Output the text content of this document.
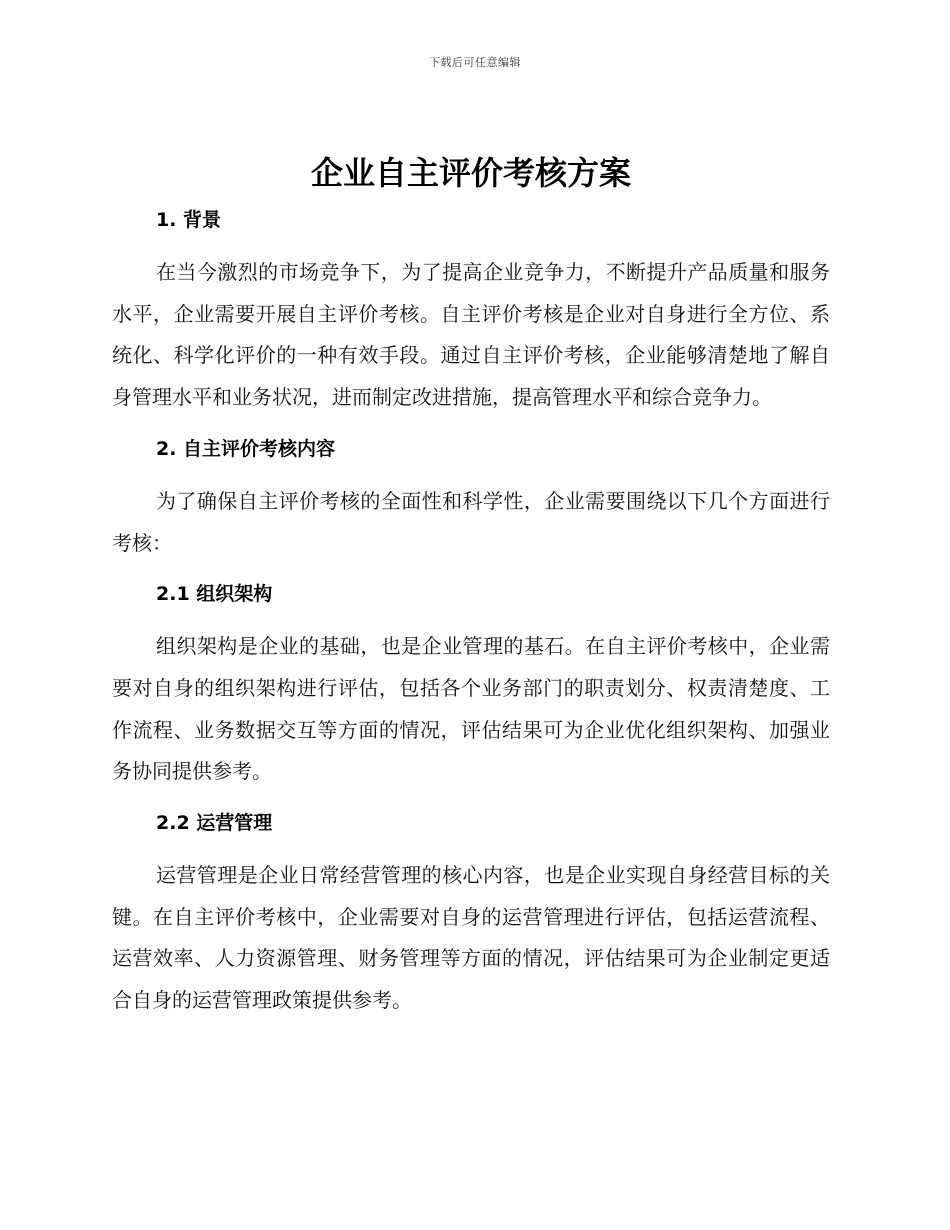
下载后可任意编辑

企业自主评价考核方案
1. 背景

在当今激烈的市场竞争下，为了提高企业竞争力，不断提升产品质量和服务水平，企业需要开展自主评价考核。自主评价考核是企业对自身进行全方位、系统化、科学化评价的一种有效手段。通过自主评价考核，企业能够清楚地了解自身管理水平和业务状况，进而制定改进措施，提高管理水平和综合竞争力。

2. 自主评价考核内容

为了确保自主评价考核的全面性和科学性，企业需要围绕以下几个方面进行考核：

2.1 组织架构

组织架构是企业的基础，也是企业管理的基石。在自主评价考核中，企业需要对自身的组织架构进行评估，包括各个业务部门的职责划分、权责清楚度、工作流程、业务数据交互等方面的情况，评估结果可为企业优化组织架构、加强业务协同提供参考。

2.2 运营管理

运营管理是企业日常经营管理的核心内容，也是企业实现自身经营目标的关键。在自主评价考核中，企业需要对自身的运营管理进行评估，包括运营流程、运营效率、人力资源管理、财务管理等方面的情况，评估结果可为企业制定更适合自身的运营管理政策提供参考。
